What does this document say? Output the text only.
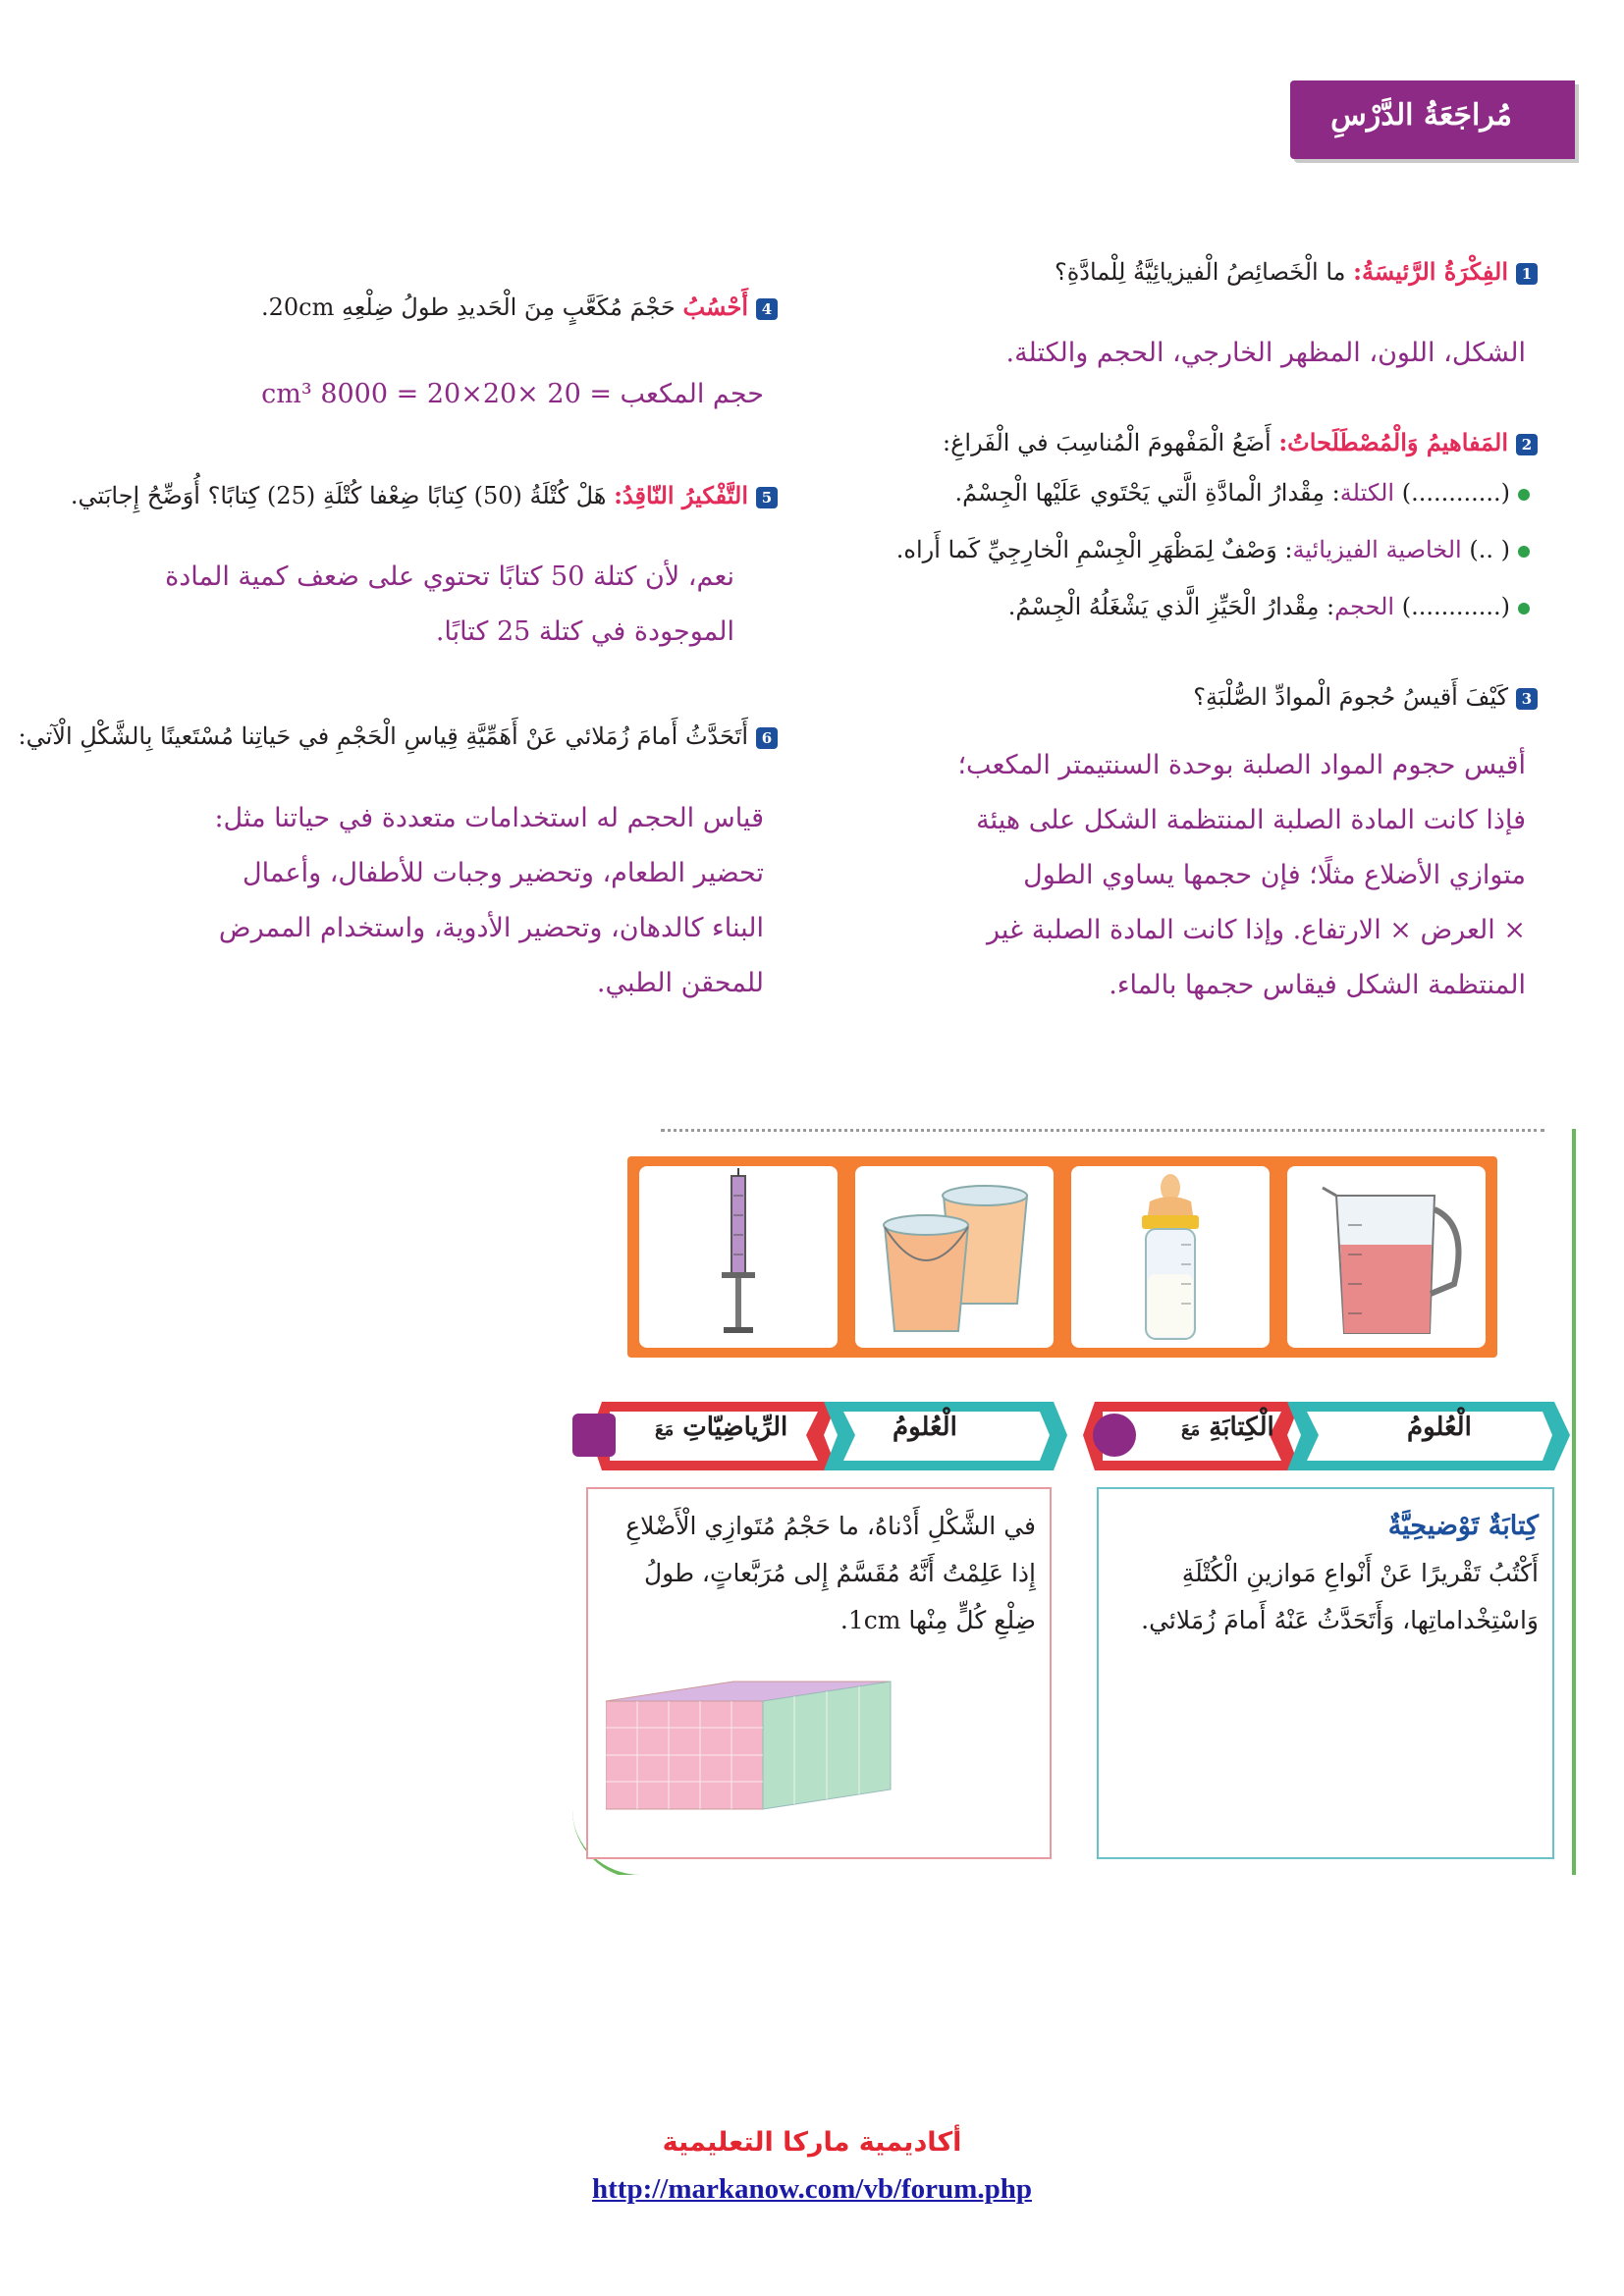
مُراجَعَةُ الدَّرْسِ
1الفِكْرَةُ الرَّئيسَةُ: ما الْخَصائِصُ الْفيزيائِيَّةُ لِلْمادَّةِ؟
الشكل، اللون، المظهر الخارجي، الحجم والكتلة.
2المَفاهيمُ وَالْمُصْطَلَحاتُ: أَضَعُ الْمَفْهومَ الْمُناسِبَ في الْفَراغِ:
(............) الكتلة: مِقْدارُ الْمادَّةِ الَّتي يَحْتَوي عَلَيْها الْجِسْمُ.
( ..) الخاصية الفيزيائية: وَصْفٌ لِمَظْهَرِ الْجِسْمِ الْخارِجِيِّ كَما أَراه.
(............) الحجم: مِقْدارُ الْحَيِّزِ الَّذي يَشْغَلُهُ الْجِسْمُ.
3كَيْفَ أَقيسُ حُجومَ الْموادِّ الصُّلْبَةِ؟
أقيس حجوم المواد الصلبة بوحدة السنتيمتر المكعب؛
فإذا كانت المادة الصلبة المنتظمة الشكل على هيئة
متوازي الأضلاع مثلًا؛ فإن حجمها يساوي الطول
× العرض × الارتفاع. وإذا كانت المادة الصلبة غير
المنتظمة الشكل فيقاس حجمها بالماء.
4أَحْسُبُ حَجْمَ مُكَعَّبٍ مِنَ الْحَديدِ طولُ ضِلْعِهِ 20cm.
حجم المكعب = 20 ×20×20 = 8000 cm³
5التَّفْكيرُ النّاقِدُ: هَلْ كُتْلَةُ (50) كِتابًا ضِعْفا كُتْلَةِ (25) كِتابًا؟ أُوَضِّحُ إِجابَتي.
نعم، لأن كتلة 50 كتابًا تحتوي على ضعف كمية المادة
الموجودة في كتلة 25 كتابًا.
6أَتَحَدَّثُ أَمامَ زُمَلائي عَنْ أَهَمِّيَّةِ قِياسِ الْحَجْمِ في حَياتِنا مُسْتَعينًا بِالشَّكْلِ الْآتي:
قياس الحجم له استخدامات متعددة في حياتنا مثل:
تحضير الطعام، وتحضير وجبات للأطفال، وأعمال
البناء كالدهان، وتحضير الأدوية، واستخدام الممرض
للمحقن الطبي.
الرِّياضِيّاتِ مَعَ	الْعُلومُ	الْكِتابَةِ مَعَ	الْعُلومُ
في الشَّكْلِ أَدْناهُ، ما حَجْمُ مُتَوازِي الْأَضْلاعِ
إِذا عَلِمْتُ أَنَّهُ مُقَسَّمٌ إِلى مُرَبَّعاتٍ، طولُ
ضِلْعِ كُلٍّ مِنْها 1cm.
كِتابَةٌ تَوْضيحِيَّةٌ
أَكْتُبُ تَقْريرًا عَنْ أَنْواعِ مَوازينِ الْكُتْلَةِ
وَاسْتِخْداماتِها، وَأَتَحَدَّثُ عَنْهُ أَمامَ زُمَلائي.
أكاديمية ماركا التعليمية
http://markanow.com/vb/forum.php
